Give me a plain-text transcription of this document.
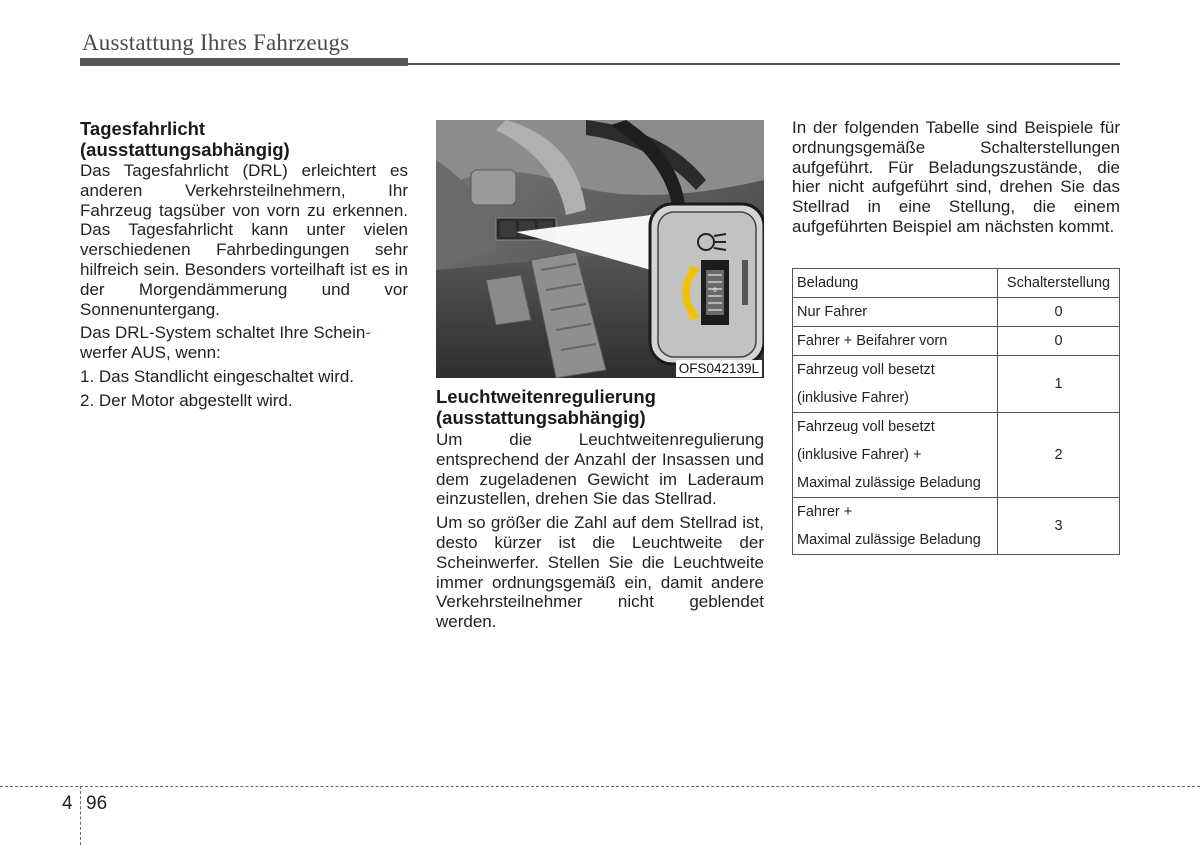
Ausstattung Ihres Fahrzeugs
Tagesfahrlicht
(ausstattungsabhängig)

Das Tagesfahrlicht (DRL) erleichtert es anderen Verkehrsteilnehmern, Ihr Fahrzeug tagsüber von vorn zu erkennen. Das Tagesfahrlicht kann unter vielen verschiedenen Fahrbedingungen sehr hilfreich sein. Besonders vorteilhaft ist es in der Morgendämmerung und vor Sonnenuntergang.

Das DRL-System schaltet Ihre Schein-
werfer AUS, wenn:

1. Das Standlicht eingeschaltet wird.
2. Der Motor abgestellt wird.
0
OFS042139L
Leuchtweitenregulierung
(ausstattungsabhängig)

Um die Leuchtweitenregulierung entsprechend der Anzahl der Insassen und dem zugeladenen Gewicht im Laderaum einzustellen, drehen Sie das Stellrad.

Um so größer die Zahl auf dem Stellrad ist, desto kürzer ist die Leuchtweite der Scheinwerfer. Stellen Sie die Leuchtweite immer ordnungsgemäß ein, damit andere Verkehrsteilnehmer nicht geblendet werden.

In der folgenden Tabelle sind Beispiele für ordnungsgemäße Schalterstellungen aufgeführt. Für Beladungszustände, die hier nicht aufgeführt sind, drehen Sie das Stellrad in eine Stellung, die einem aufgeführten Beispiel am nächsten kommt.

Beladung	Schalterstellung

Nur Fahrer	0

Fahrer + Beifahrer vorn	0

Fahrzeug voll besetzt
(inklusive Fahrer)	1

Fahrzeug voll besetzt
(inklusive Fahrer) +
Maximal zulässige Beladung	2

Fahrer +
Maximal zulässige Beladung	3
4 96
